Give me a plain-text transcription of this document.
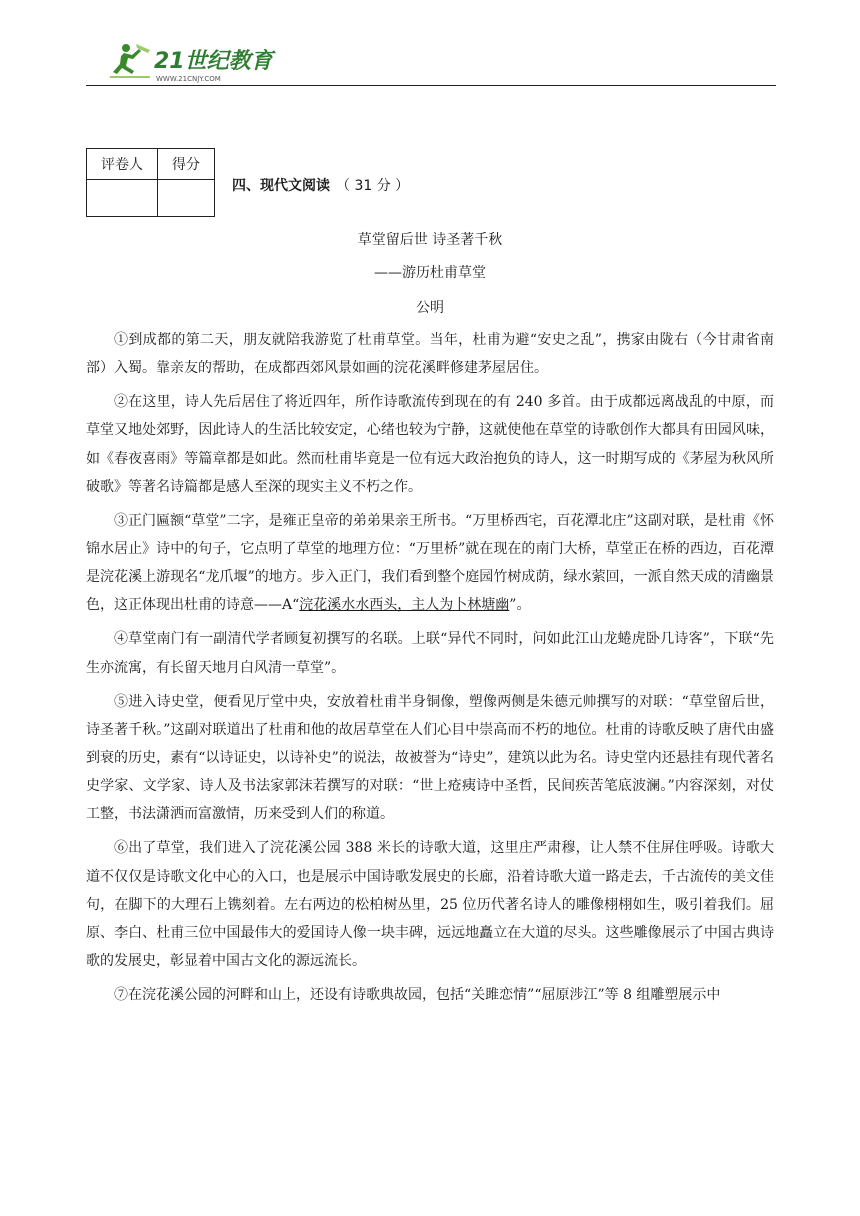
21世纪教育
WWW.21CNJY.COM
评卷人	得分

四、现代文阅读 （ 31 分 ）
草堂留后世 诗圣著千秋
——游历杜甫草堂
公明

①到成都的第二天，朋友就陪我游览了杜甫草堂。当年，杜甫为避“安史之乱”，携家由陇右（今甘肃省南部）入蜀。靠亲友的帮助，在成都西郊风景如画的浣花溪畔修建茅屋居住。

②在这里，诗人先后居住了将近四年，所作诗歌流传到现在的有 240 多首。由于成都远离战乱的中原，而草堂又地处郊野，因此诗人的生活比较安定，心绪也较为宁静，这就使他在草堂的诗歌创作大都具有田园风味，如《春夜喜雨》等篇章都是如此。然而杜甫毕竟是一位有远大政治抱负的诗人，这一时期写成的《茅屋为秋风所破歌》等著名诗篇都是感人至深的现实主义不朽之作。

③正门匾额“草堂”二字，是雍正皇帝的弟弟果亲王所书。“万里桥西宅，百花潭北庄”这副对联，是杜甫《怀锦水居止》诗中的句子，它点明了草堂的地理方位：“万里桥”就在现在的南门大桥，草堂正在桥的西边，百花潭是浣花溪上游现名“龙爪堰”的地方。步入正门，我们看到整个庭园竹树成荫，绿水萦回，一派自然天成的清幽景色，这正体现出杜甫的诗意——A“浣花溪水水西头，主人为卜林塘幽”。

④草堂南门有一副清代学者顾复初撰写的名联。上联“异代不同时，问如此江山龙蜷虎卧几诗客”，下联“先生亦流寓，有长留天地月白风清一草堂”。

⑤进入诗史堂，便看见厅堂中央，安放着杜甫半身铜像，塑像两侧是朱德元帅撰写的对联：“草堂留后世，诗圣著千秋。”这副对联道出了杜甫和他的故居草堂在人们心目中崇高而不朽的地位。杜甫的诗歌反映了唐代由盛到衰的历史，素有“以诗证史，以诗补史”的说法，故被誉为“诗史”，建筑以此为名。诗史堂内还悬挂有现代著名史学家、文学家、诗人及书法家郭沫若撰写的对联：“世上疮痍诗中圣哲，民间疾苦笔底波澜。”内容深刻，对仗工整，书法潇洒而富激情，历来受到人们的称道。

⑥出了草堂，我们进入了浣花溪公园 388 米长的诗歌大道，这里庄严肃穆，让人禁不住屏住呼吸。诗歌大道不仅仅是诗歌文化中心的入口，也是展示中国诗歌发展史的长廊，沿着诗歌大道一路走去，千古流传的美文佳句，在脚下的大理石上镌刻着。左右两边的松柏树丛里，25 位历代著名诗人的雕像栩栩如生，吸引着我们。屈原、李白、杜甫三位中国最伟大的爱国诗人像一块丰碑，远远地矗立在大道的尽头。这些雕像展示了中国古典诗歌的发展史，彰显着中国古文化的源远流长。

⑦在浣花溪公园的河畔和山上，还设有诗歌典故园，包括“关雎恋情”“屈原涉江”等 8 组雕塑展示中
